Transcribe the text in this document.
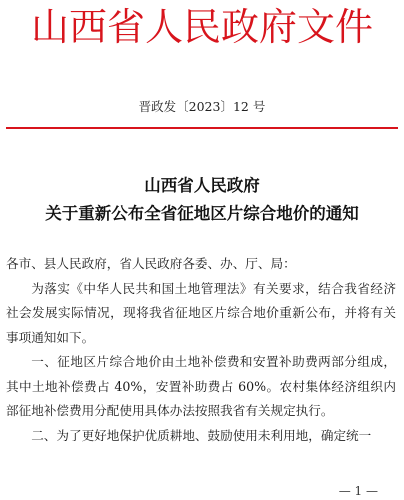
山西省人民政府文件
晋政发〔2023〕12 号
山西省人民政府
关于重新公布全省征地区片综合地价的通知

各市、县人民政府，省人民政府各委、办、厅、局：

为落实《中华人民共和国土地管理法》有关要求，结合我省经济社会发展实际情况，现将我省征地区片综合地价重新公布，并将有关事项通知如下。

一、征地区片综合地价由土地补偿费和安置补助费两部分组成，其中土地补偿费占 40%，安置补助费占 60%。农村集体经济组织内部征地补偿费用分配使用具体办法按照我省有关规定执行。

二、为了更好地保护优质耕地、鼓励使用未利用地，确定统一

— 1 —
